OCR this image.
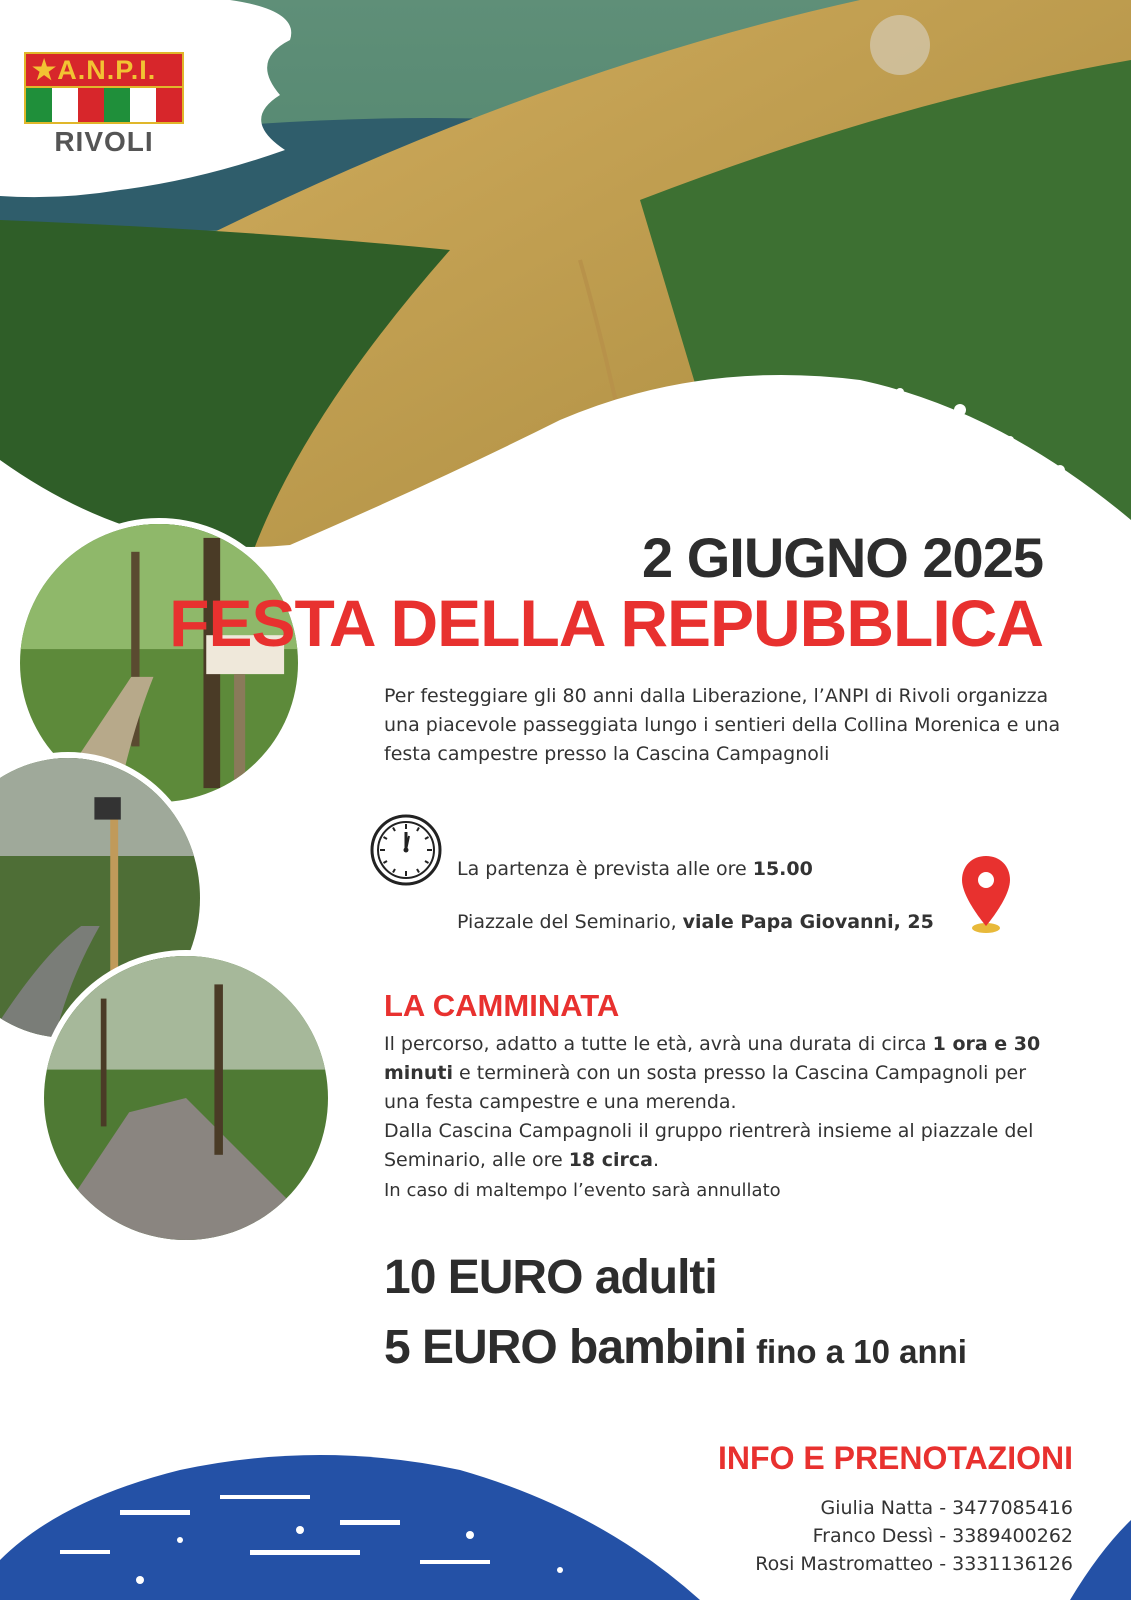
★A.N.P.I.
RIVOLI
2 GIUGNO 2025
FESTA DELLA REPUBBLICA
Per festeggiare gli 80 anni dalla Liberazione, l’ANPI di Rivoli organizza una piacevole passeggiata lungo i sentieri della Collina Morenica e una festa campestre presso la Cascina Campagnoli
La partenza è prevista alle ore 15.00
Piazzale del Seminario, viale Papa Giovanni, 25
LA CAMMINATA

Il percorso, adatto a tutte le età, avrà una durata di circa 1 ora e 30 minuti e terminerà con un sosta presso la Cascina Campagnoli per una festa campestre e una merenda.

Dalla Cascina Campagnoli il gruppo rientrerà insieme al piazzale del Seminario, alle ore 18 circa.

In caso di maltempo l’evento sarà annullato
10 EURO adulti
5 EURO bambini fino a 10 anni
INFO E PRENOTAZIONI
Giulia Natta - 3477085416
Franco Dessì - 3389400262
Rosi Mastromatteo - 3331136126
